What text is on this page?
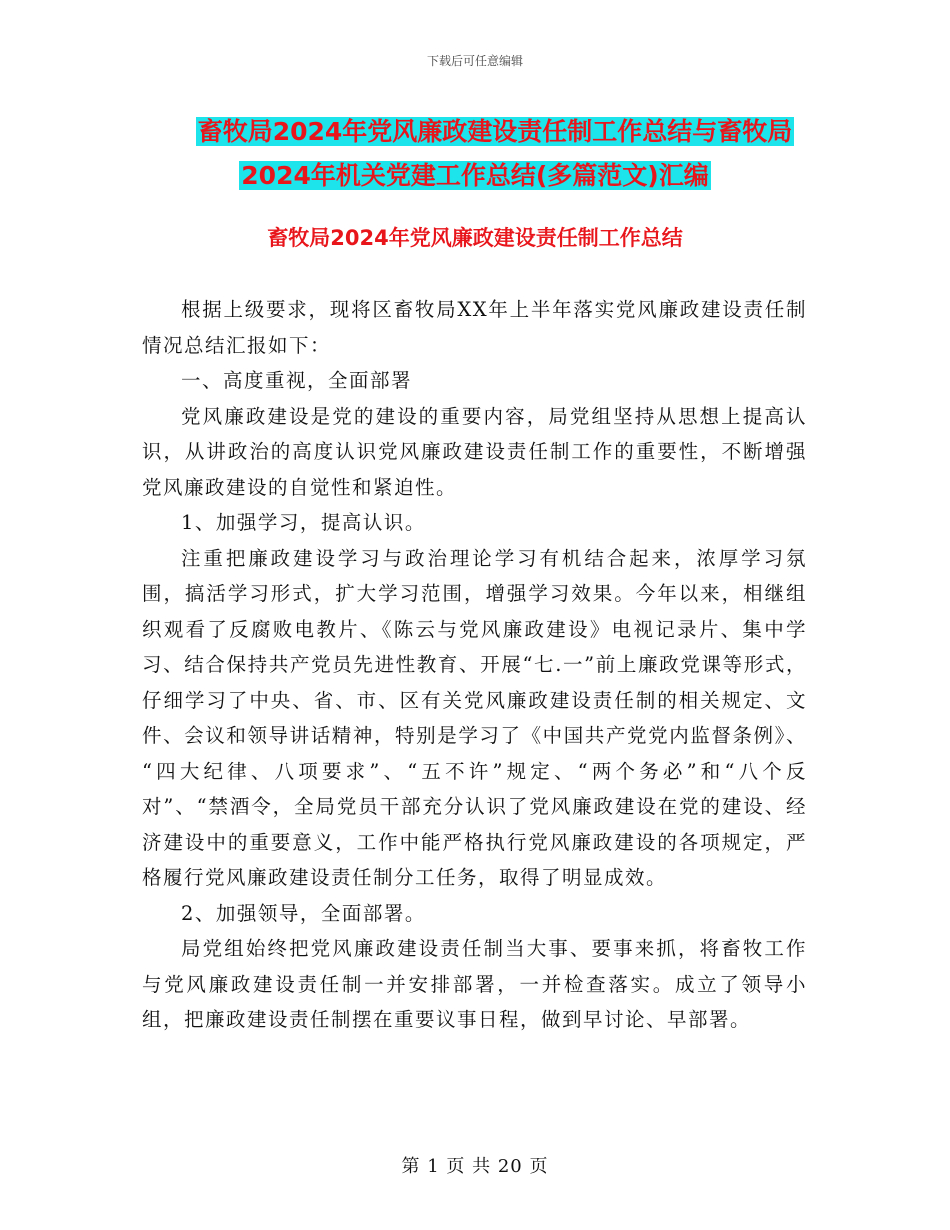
下载后可任意编辑
畜牧局2024年党风廉政建设责任制工作总结与畜牧局
2024年机关党建工作总结(多篇范文)汇编
畜牧局2024年党风廉政建设责任制工作总结

根据上级要求，现将区畜牧局XX年上半年落实党风廉政建设责任制情况总结汇报如下：

一、高度重视，全面部署

党风廉政建设是党的建设的重要内容，局党组坚持从思想上提高认识，从讲政治的高度认识党风廉政建设责任制工作的重要性，不断增强党风廉政建设的自觉性和紧迫性。

1、加强学习，提高认识。

注重把廉政建设学习与政治理论学习有机结合起来，浓厚学习氛围，搞活学习形式，扩大学习范围，增强学习效果。今年以来，相继组织观看了反腐败电教片、《陈云与党风廉政建设》电视记录片、集中学习、结合保持共产党员先进性教育、开展“七.一”前上廉政党课等形式，仔细学习了中央、省、市、区有关党风廉政建设责任制的相关规定、文件、会议和领导讲话精神，特别是学习了《中国共产党党内监督条例》、 “四大纪律、八项要求”、“五不许”规定、“两个务必”和“八个反对”、“禁酒令，全局党员干部充分认识了党风廉政建设在党的建设、经济建设中的重要意义，工作中能严格执行党风廉政建设的各项规定，严格履行党风廉政建设责任制分工任务，取得了明显成效。

2、加强领导，全面部署。

局党组始终把党风廉政建设责任制当大事、要事来抓，将畜牧工作与党风廉政建设责任制一并安排部署，一并检查落实。成立了领导小组，把廉政建设责任制摆在重要议事日程，做到早讨论、早部署。

第 1 页 共 20 页
